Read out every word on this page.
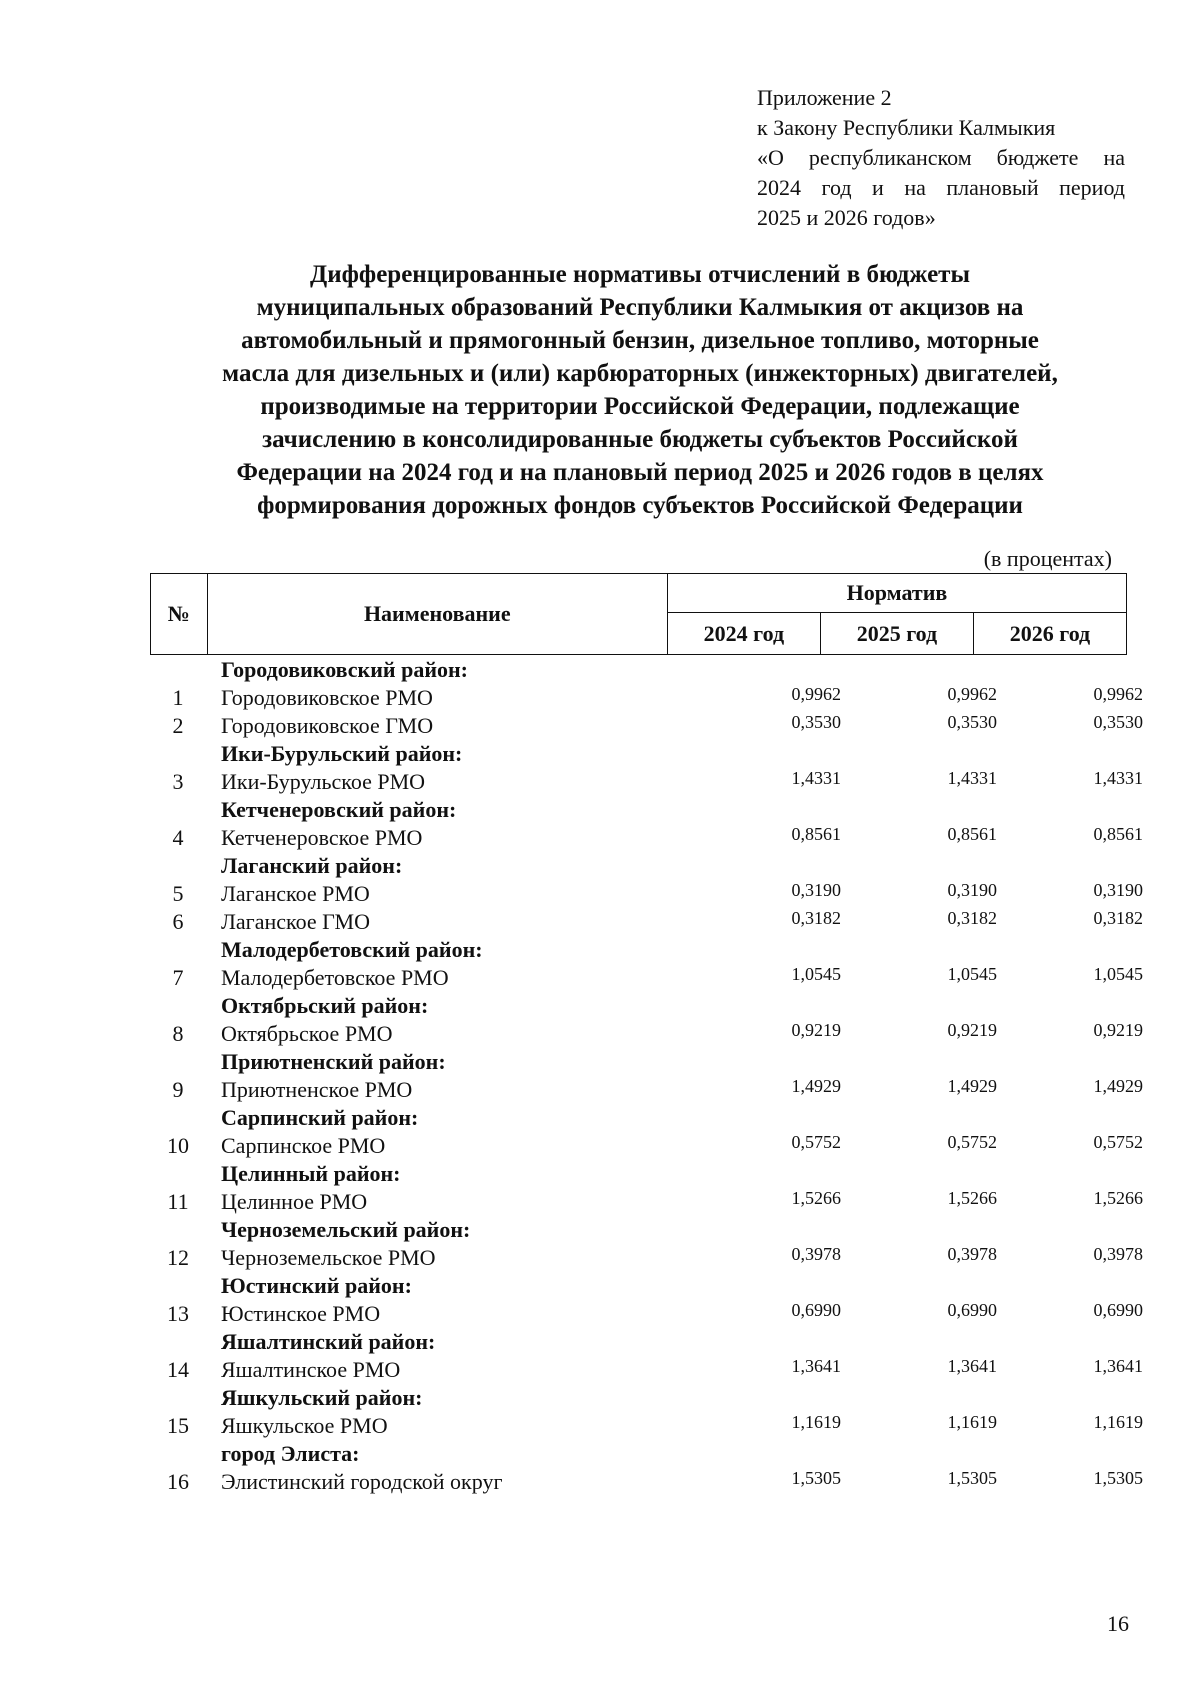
Приложение 2
к Закону Республики Калмыкия
«О республиканском бюджете на
2024 год и на плановый период
2025 и 2026 годов»
Дифференцированные нормативы отчислений в бюджеты
муниципальных образований Республики Калмыкия от акцизов на
автомобильный и прямогонный бензин, дизельное топливо, моторные
масла для дизельных и (или) карбюраторных (инжекторных) двигателей,
производимые на территории Российской Федерации, подлежащие
зачислению в консолидированные бюджеты субъектов Российской
Федерации на 2024 год и на плановый период 2025 и 2026 годов в целях
формирования дорожных фондов субъектов Российской Федерации
(в процентах)
№	Наименование	Норматив		
		2024 год	2025 год	2026 год
Городовиковский район:
1	Городовиковское РМО	0,9962	0,9962	0,9962
2	Городовиковское ГМО	0,3530	0,3530	0,3530
Ики-Бурульский район:
3	Ики-Бурульское РМО	1,4331	1,4331	1,4331
Кетченеровский район:
4	Кетченеровское РМО	0,8561	0,8561	0,8561
Лаганский район:
5	Лаганское РМО	0,3190	0,3190	0,3190
6	Лаганское ГМО	0,3182	0,3182	0,3182
Малодербетовский район:
7	Малодербетовское РМО	1,0545	1,0545	1,0545
Октябрьский район:
8	Октябрьское РМО	0,9219	0,9219	0,9219
Приютненский район:
9	Приютненское РМО	1,4929	1,4929	1,4929
Сарпинский район:
10	Сарпинское РМО	0,5752	0,5752	0,5752
Целинный район:
11	Целинное РМО	1,5266	1,5266	1,5266
Черноземельский район:
12	Черноземельское РМО	0,3978	0,3978	0,3978
Юстинский район:
13	Юстинское РМО	0,6990	0,6990	0,6990
Яшалтинский район:
14	Яшалтинское РМО	1,3641	1,3641	1,3641
Яшкульский район:
15	Яшкульское РМО	1,1619	1,1619	1,1619
город Элиста:
16	Элистинский городской округ	1,5305	1,5305	1,5305
16
